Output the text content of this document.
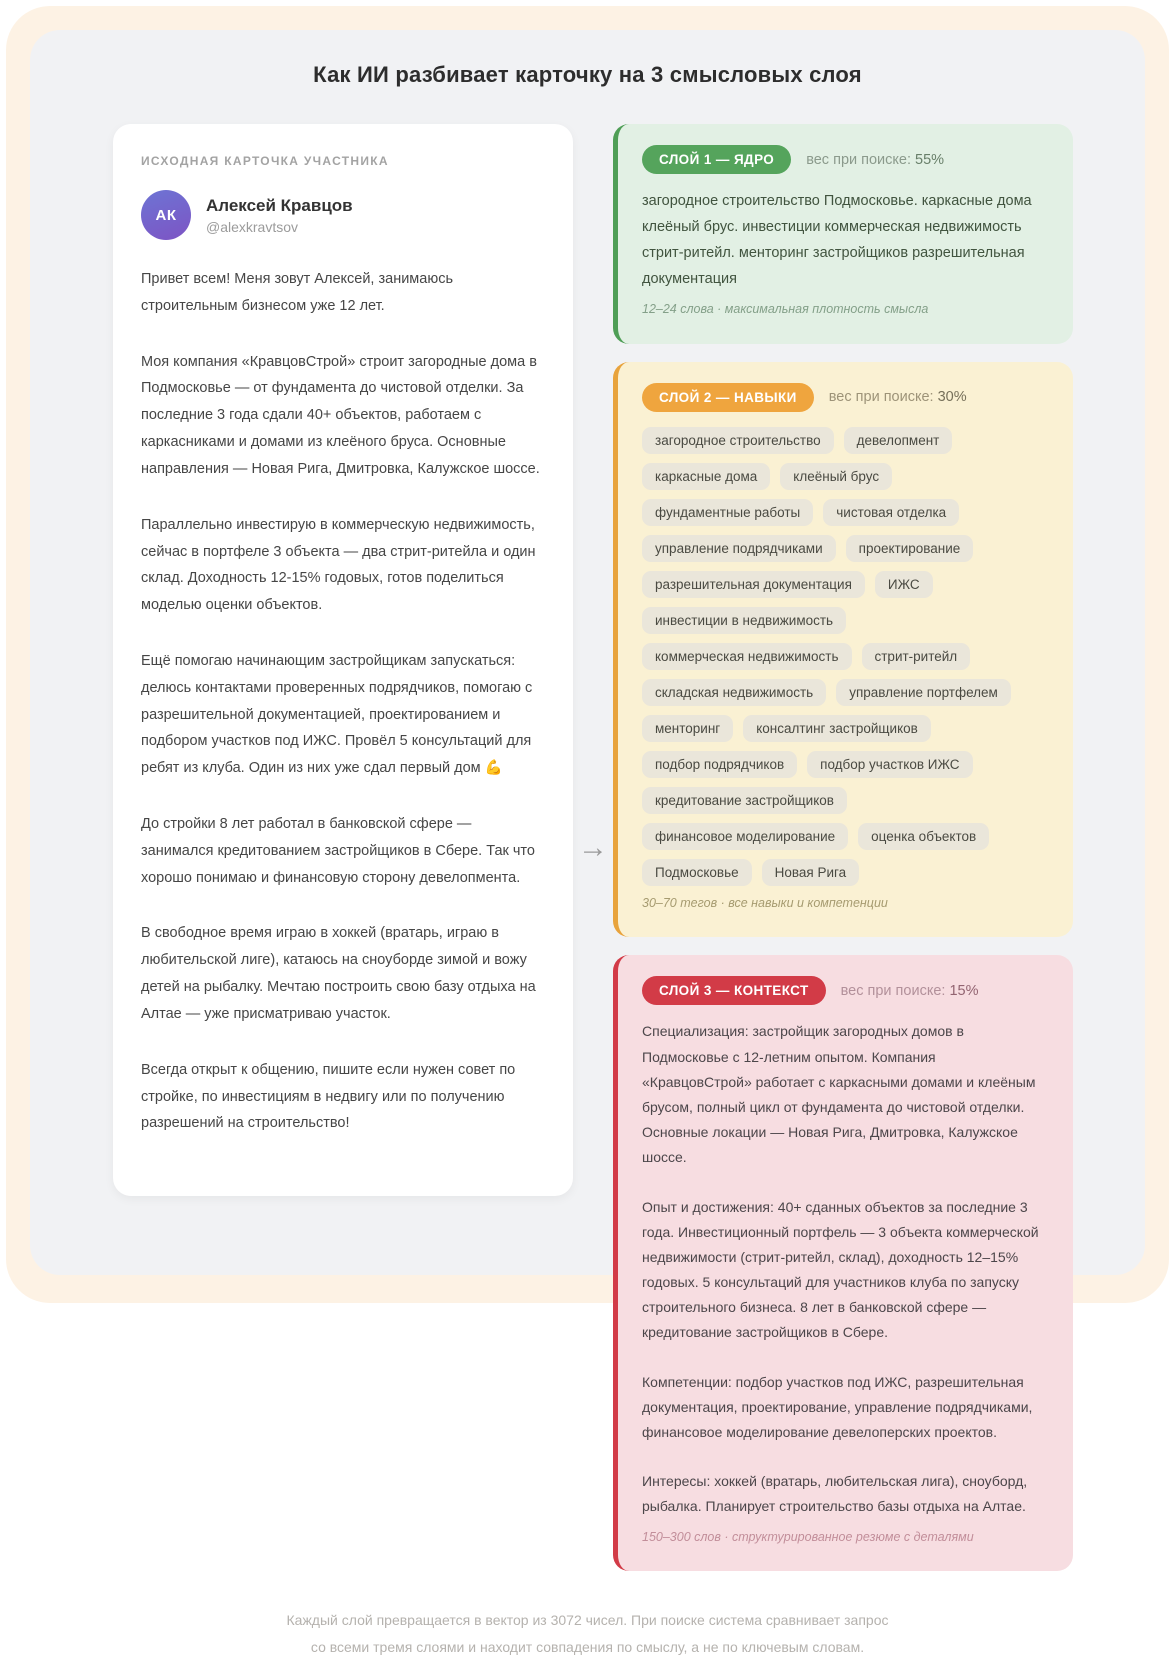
Как ИИ разбивает карточку на 3 смысловых слоя

ИСХОДНАЯ КАРТОЧКА УЧАСТНИКА

АК
Алексей Кравцов
@alexkravtsov

Привет всем! Меня зовут Алексей, занимаюсь строительным бизнесом уже 12 лет.

Моя компания «КравцовСтрой» строит загородные дома в Подмосковье — от фундамента до чистовой отделки. За последние 3 года сдали 40+ объектов, работаем с каркасниками и домами из клеёного бруса. Основные направления — Новая Рига, Дмитровка, Калужское шоссе.

Параллельно инвестирую в коммерческую недвижимость, сейчас в портфеле 3 объекта — два стрит-ритейла и один склад. Доходность 12-15% годовых, готов поделиться моделью оценки объектов.

Ещё помогаю начинающим застройщикам запускаться: делюсь контактами проверенных подрядчиков, помогаю с разрешительной документацией, проектированием и подбором участков под ИЖС. Провёл 5 консультаций для ребят из клуба. Один из них уже сдал первый дом 💪

До стройки 8 лет работал в банковской сфере — занимался кредитованием застройщиков в Сбере. Так что хорошо понимаю и финансовую сторону девелопмента.

В свободное время играю в хоккей (вратарь, играю в любительской лиге), катаюсь на сноуборде зимой и вожу детей на рыбалку. Мечтаю построить свою базу отдыха на Алтае — уже присматриваю участок.

Всегда открыт к общению, пишите если нужен совет по стройке, по инвестициям в недвигу или по получению разрешений на строительство!

→
СЛОЙ 1 — ЯДРО	вес при поиске: 55%

загородное строительство Подмосковье. каркасные дома клеёный брус. инвестиции коммерческая недвижимость стрит-ритейл. менторинг застройщиков разрешительная документация

12–24 слова · максимальная плотность смысла

СЛОЙ 2 — НАВЫКИ	вес при поиске: 30%
загородное строительство	девелопмент
каркасные дома	клеёный брус
фундаментные работы	чистовая отделка
управление подрядчиками	проектирование
разрешительная документация	ИЖС
инвестиции в недвижимость
коммерческая недвижимость	стрит-ритейл
складская недвижимость	управление портфелем
менторинг	консалтинг застройщиков
подбор подрядчиков	подбор участков ИЖС
кредитование застройщиков
финансовое моделирование	оценка объектов
Подмосковье	Новая Рига

30–70 тегов · все навыки и компетенции

СЛОЙ 3 — КОНТЕКСТ	вес при поиске: 15%

Специализация: застройщик загородных домов в Подмосковье с 12-летним опытом. Компания «КравцовСтрой» работает с каркасными домами и клеёным брусом, полный цикл от фундамента до чистовой отделки. Основные локации — Новая Рига, Дмитровка, Калужское шоссе.

Опыт и достижения: 40+ сданных объектов за последние 3 года. Инвестиционный портфель — 3 объекта коммерческой недвижимости (стрит-ритейл, склад), доходность 12–15% годовых. 5 консультаций для участников клуба по запуску строительного бизнеса. 8 лет в банковской сфере — кредитование застройщиков в Сбере.

Компетенции: подбор участков под ИЖС, разрешительная документация, проектирование, управление подрядчиками, финансовое моделирование девелоперских проектов.

Интересы: хоккей (вратарь, любительская лига), сноуборд, рыбалка. Планирует строительство базы отдыха на Алтае.

150–300 слов · структурированное резюме с деталями

Каждый слой превращается в вектор из 3072 чисел. При поиске система сравнивает запрос
со всеми тремя слоями и находит совпадения по смыслу, а не по ключевым словам.
